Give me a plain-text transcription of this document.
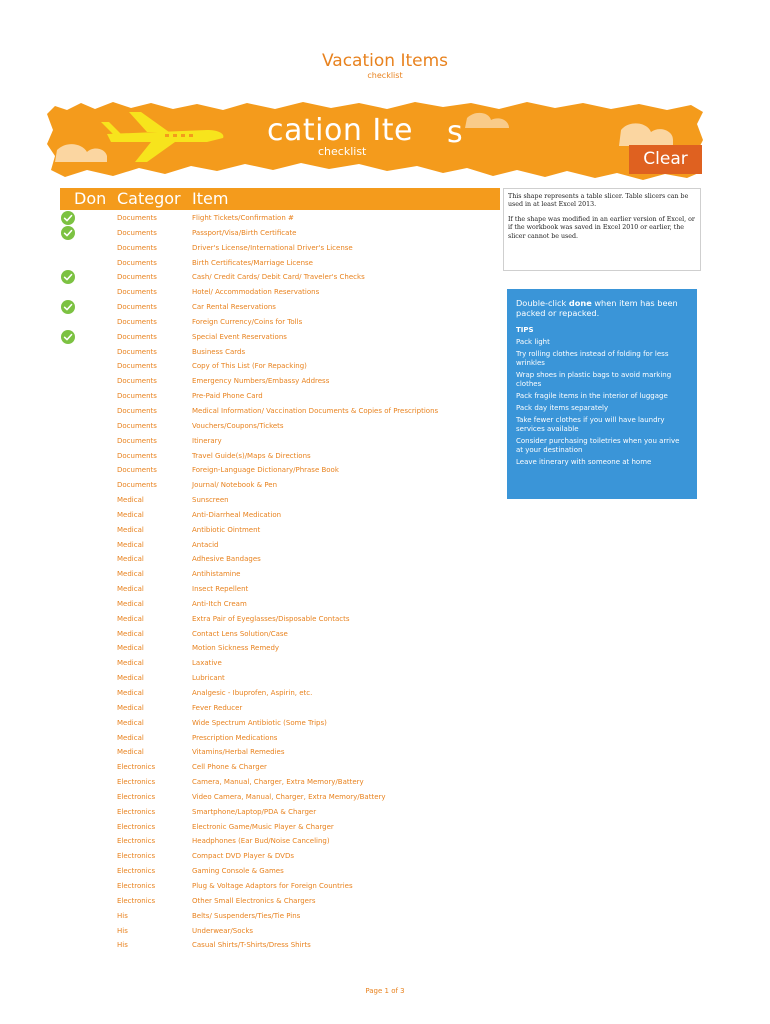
Vacation Items
checklist
s
cation Ite
checklist	Clear
Don Categor Item
Documents	Flight Tickets/Confirmation #
Documents	Passport/Visa/Birth Certificate
Documents	Driver's License/International Driver's License
Documents	Birth Certificates/Marriage License
Documents	Cash/ Credit Cards/ Debit Card/ Traveler's Checks
Documents	Hotel/ Accommodation Reservations
Documents	Car Rental Reservations
Documents	Foreign Currency/Coins for Tolls
Documents	Special Event Reservations
Documents	Business Cards
Documents	Copy of This List (For Repacking)
Documents	Emergency Numbers/Embassy Address
Documents	Pre-Paid Phone Card
Documents	Medical Information/ Vaccination Documents & Copies of Prescriptions
Documents	Vouchers/Coupons/Tickets
Documents	Itinerary
Documents	Travel Guide(s)/Maps & Directions
Documents	Foreign-Language Dictionary/Phrase Book
Documents	Journal/ Notebook & Pen
Medical	Sunscreen
Medical	Anti-Diarrheal Medication
Medical	Antibiotic Ointment
Medical	Antacid
Medical	Adhesive Bandages
Medical	Antihistamine
Medical	Insect Repellent
Medical	Anti-Itch Cream
Medical	Extra Pair of Eyeglasses/Disposable Contacts
Medical	Contact Lens Solution/Case
Medical	Motion Sickness Remedy
Medical	Laxative
Medical	Lubricant
Medical	Analgesic - Ibuprofen, Aspirin, etc.
Medical	Fever Reducer
Medical	Wide Spectrum Antibiotic (Some Trips)
Medical	Prescription Medications
Medical	Vitamins/Herbal Remedies
Electronics	Cell Phone & Charger
Electronics	Camera, Manual, Charger, Extra Memory/Battery
Electronics	Video Camera, Manual, Charger, Extra Memory/Battery
Electronics	Smartphone/Laptop/PDA & Charger
Electronics	Electronic Game/Music Player & Charger
Electronics	Headphones (Ear Bud/Noise Canceling)
Electronics	Compact DVD Player & DVDs
Electronics	Gaming Console & Games
Electronics	Plug & Voltage Adaptors for Foreign Countries
Electronics	Other Small Electronics & Chargers
His	Belts/ Suspenders/Ties/Tie Pins
His	Underwear/Socks
His	Casual Shirts/T-Shirts/Dress Shirts

This shape represents a table slicer. Table slicers can be used in at least Excel 2013.

If the shape was modified in an earlier version of Excel, or if the workbook was saved in Excel 2010 or earlier, the slicer cannot be used.

Double-click done when item has been packed or repacked.
TIPS
Pack light
Try rolling clothes instead of folding for less wrinkles
Wrap shoes in plastic bags to avoid marking clothes
Pack fragile items in the interior of luggage
Pack day items separately
Take fewer clothes if you will have laundry services available
Consider purchasing toiletries when you arrive at your destination
Leave itinerary with someone at home
Page 1 of 3
